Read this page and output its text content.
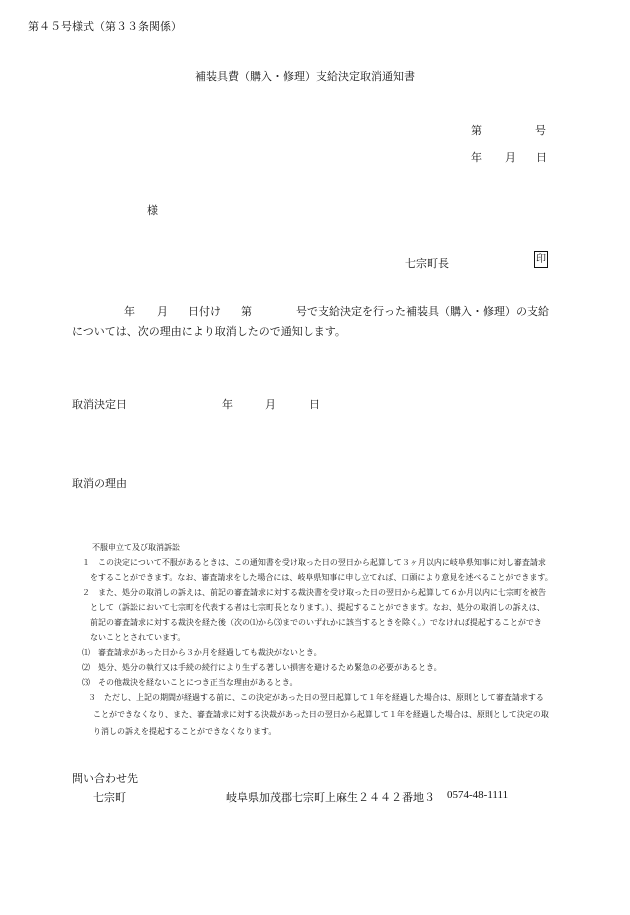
第４５号様式（第３３条関係）
補装具費（購入・修理）支給決定取消通知書
第	号
年 月 日
様
七宗町長	印
年 月 日付け 第	号で支給決定を行った補装具（購入・修理）の支給については、次の理由により取消したので通知します。
取消決定日	年	月	日
取消の理由
不服申立て及び取消訴訟
１　この決定について不服があるときは、この通知書を受け取った日の翌日から起算して３ヶ月以内に岐阜県知事に対し審査請求
をすることができます。なお、審査請求をした場合には、岐阜県知事に申し立てれば、口頭により意見を述べることができます。
２　また、処分の取消しの訴えは、前記の審査請求に対する裁決書を受け取った日の翌日から起算して６か月以内に七宗町を被告
として（訴訟において七宗町を代表する者は七宗町長となります。）、提起することができます。なお、処分の取消しの訴えは、
前記の審査請求に対する裁決を経た後（次の⑴から⑶までのいずれかに該当するときを除く。）でなければ提起することができ
ないこととされています。
⑴　審査請求があった日から３か月を経過しても裁決がないとき。
⑵　処分、処分の執行又は手続の続行により生ずる著しい損害を避けるため緊急の必要があるとき。
⑶　その他裁決を経ないことにつき正当な理由があるとき。
３　ただし、上記の期間が経過する前に、この決定があった日の翌日起算して１年を経過した場合は、原則として審査請求する
ことができなくなり、また、審査請求に対する決裁があった日の翌日から起算して１年を経過した場合は、原則として決定の取
り消しの訴えを提起することができなくなります。
問い合わせ先
七宗町	岐阜県加茂郡七宗町上麻生２４４２番地３ 0574-48-1111
